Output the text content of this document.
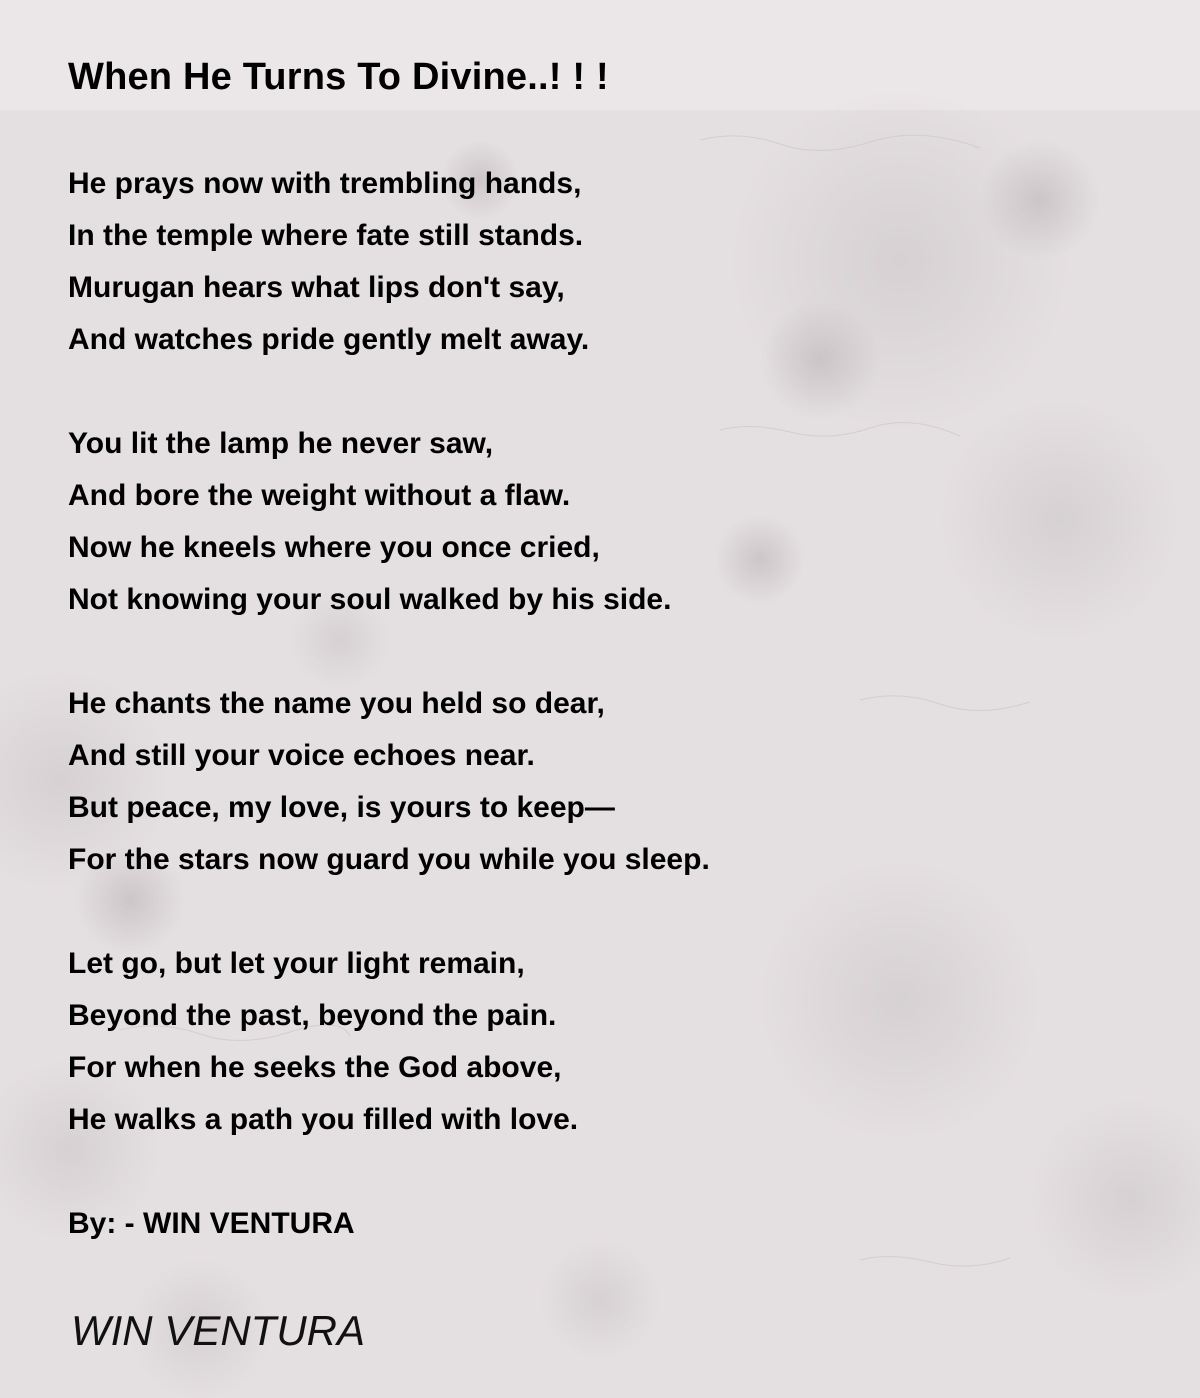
When He Turns To Divine..! ! !
He prays now with trembling hands,
In the temple where fate still stands.
Murugan hears what lips don't say,
And watches pride gently melt away.
You lit the lamp he never saw,
And bore the weight without a flaw.
Now he kneels where you once cried,
Not knowing your soul walked by his side.
He chants the name you held so dear,
And still your voice echoes near.
But peace, my love, is yours to keep—
For the stars now guard you while you sleep.
Let go, but let your light remain,
Beyond the past, beyond the pain.
For when he seeks the God above,
He walks a path you filled with love.
By: - WIN VENTURA
WIN VENTURA
